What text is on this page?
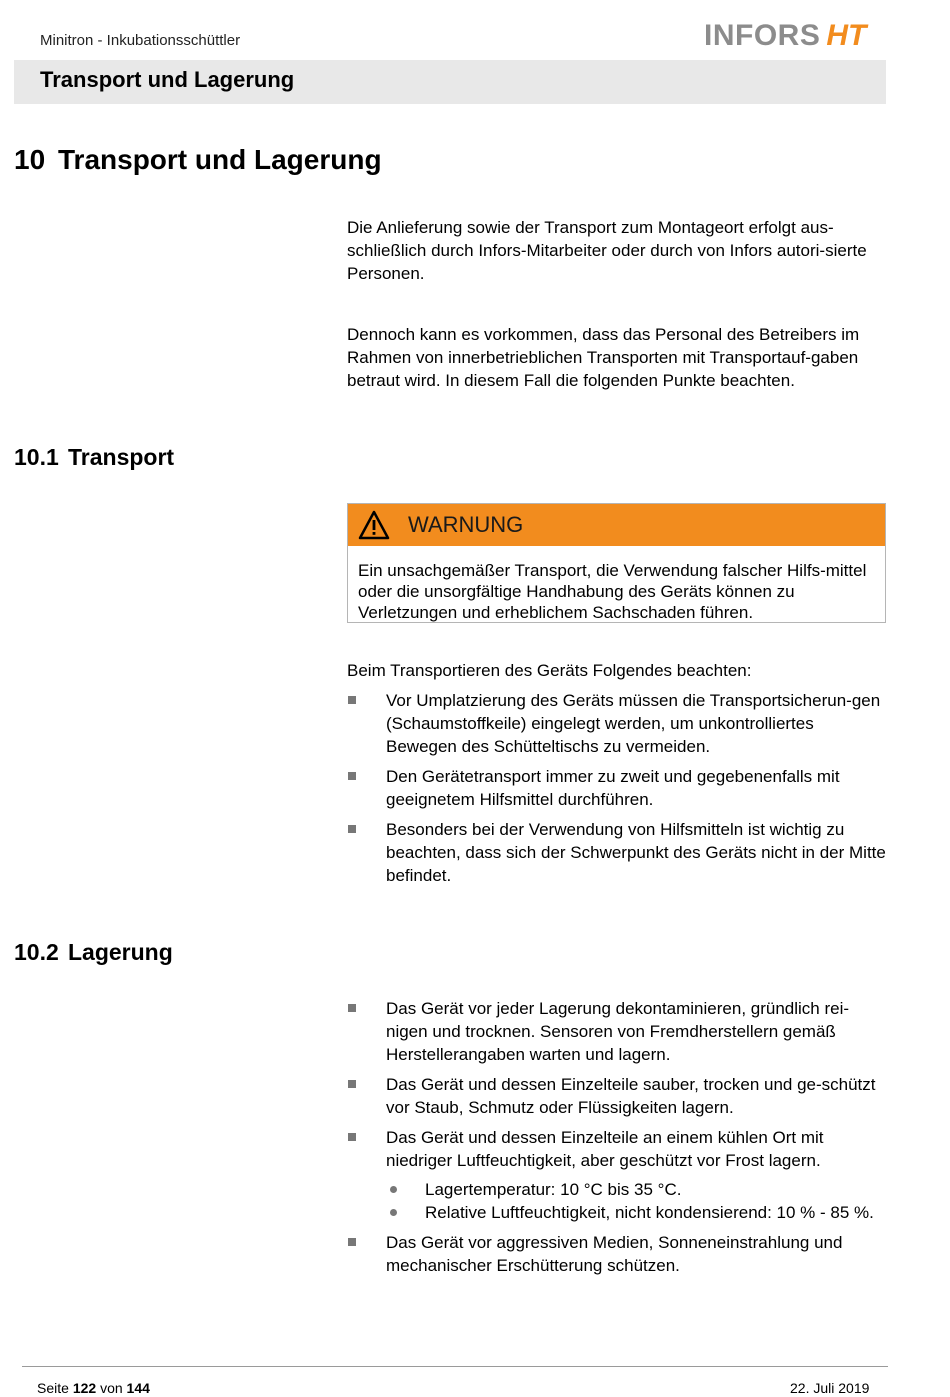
Minitron - Inkubationsschüttler	INFORS HT
Transport und Lagerung
10 Transport und Lagerung
Die Anlieferung sowie der Transport zum Montageort erfolgt aus-schließlich durch Infors-Mitarbeiter oder durch von Infors autori-sierte Personen.
Dennoch kann es vorkommen, dass das Personal des Betreibers im Rahmen von innerbetrieblichen Transporten mit Transportauf-gaben betraut wird. In diesem Fall die folgenden Punkte beachten.
10.1 Transport
WARNUNG
Ein unsachgemäßer Transport, die Verwendung falscher Hilfs-mittel oder die unsorgfältige Handhabung des Geräts können zu Verletzungen und erheblichem Sachschaden führen.
Beim Transportieren des Geräts Folgendes beachten:
Vor Umplatzierung des Geräts müssen die Transportsicherun-gen (Schaumstoffkeile) eingelegt werden, um unkontrolliertes Bewegen des Schütteltischs zu vermeiden.
Den Gerätetransport immer zu zweit und gegebenenfalls mit geeignetem Hilfsmittel durchführen.
Besonders bei der Verwendung von Hilfsmitteln ist wichtig zu beachten, dass sich der Schwerpunkt des Geräts nicht in der Mitte befindet.
10.2 Lagerung
Das Gerät vor jeder Lagerung dekontaminieren, gründlich rei-nigen und trocknen. Sensoren von Fremdherstellern gemäß Herstellerangaben warten und lagern.
Das Gerät und dessen Einzelteile sauber, trocken und ge-schützt vor Staub, Schmutz oder Flüssigkeiten lagern.
Das Gerät und dessen Einzelteile an einem kühlen Ort mit niedriger Luftfeuchtigkeit, aber geschützt vor Frost lagern.
Lagertemperatur: 10 °C bis 35 °C.
Relative Luftfeuchtigkeit, nicht kondensierend: 10 % - 85 %.
Das Gerät vor aggressiven Medien, Sonneneinstrahlung und mechanischer Erschütterung schützen.
Seite 122 von 144	22. Juli 2019
